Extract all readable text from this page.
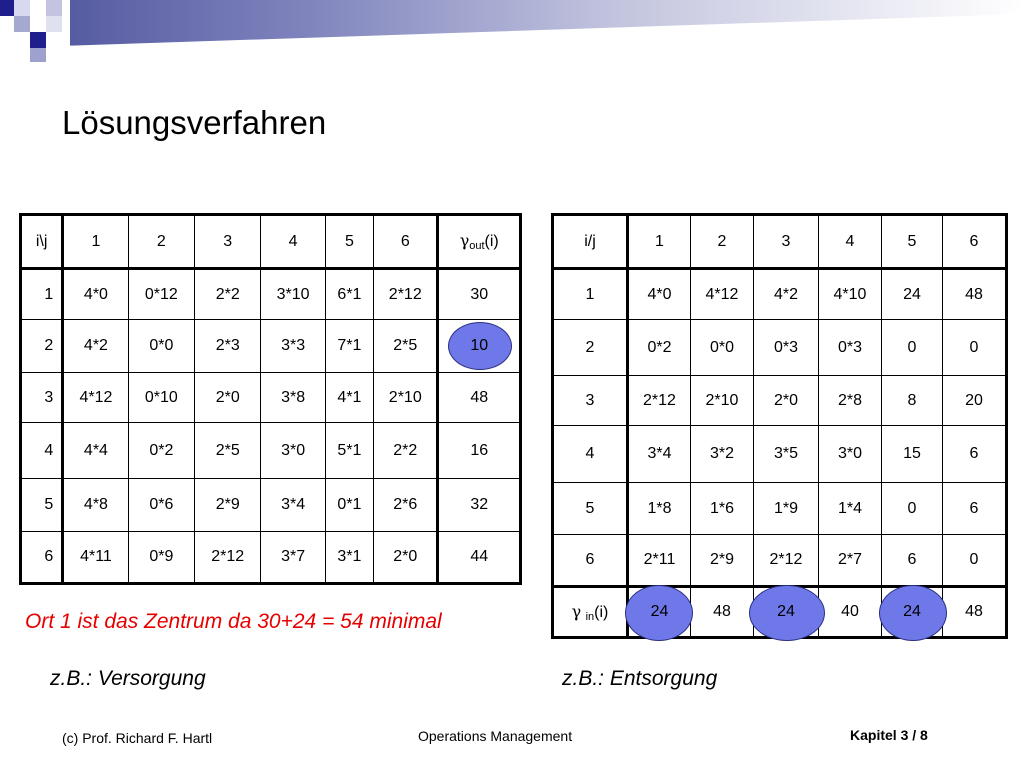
Lösungsverfahren
i\j	1	2	3	4	5	6	$\gamma_{out}(i)$
1	4*0	0*12	2*2	3*10	6*1	2*12	30
2	4*2	0*0	2*3	3*3	7*1	2*5	10
3	4*12	0*10	2*0	3*8	4*1	2*10	48
4	4*4	0*2	2*5	3*0	5*1	2*2	16
5	4*8	0*6	2*9	3*4	0*1	2*6	32
6	4*11	0*9	2*12	3*7	3*1	2*0	44
i/j	1	2	3	4	5	6
1	4*0	4*12	4*2	4*10	24	48
2	0*2	0*0	0*3	0*3	0	0
3	2*12	2*10	2*0	2*8	8	20
4	3*4	3*2	3*5	3*0	15	6
5	1*8	1*6	1*9	1*4	0	6
6	2*11	2*9	2*12	2*7	6	0
γ $_{in}$(i)	24	48	24	40	24	48
Ort 1 ist das Zentrum da 30+24 = 54 minimal
z.B.: Versorgung	z.B.: Entsorgung
(c) Prof. Richard F. Hartl	Operations Management	Kapitel 3 / 8
